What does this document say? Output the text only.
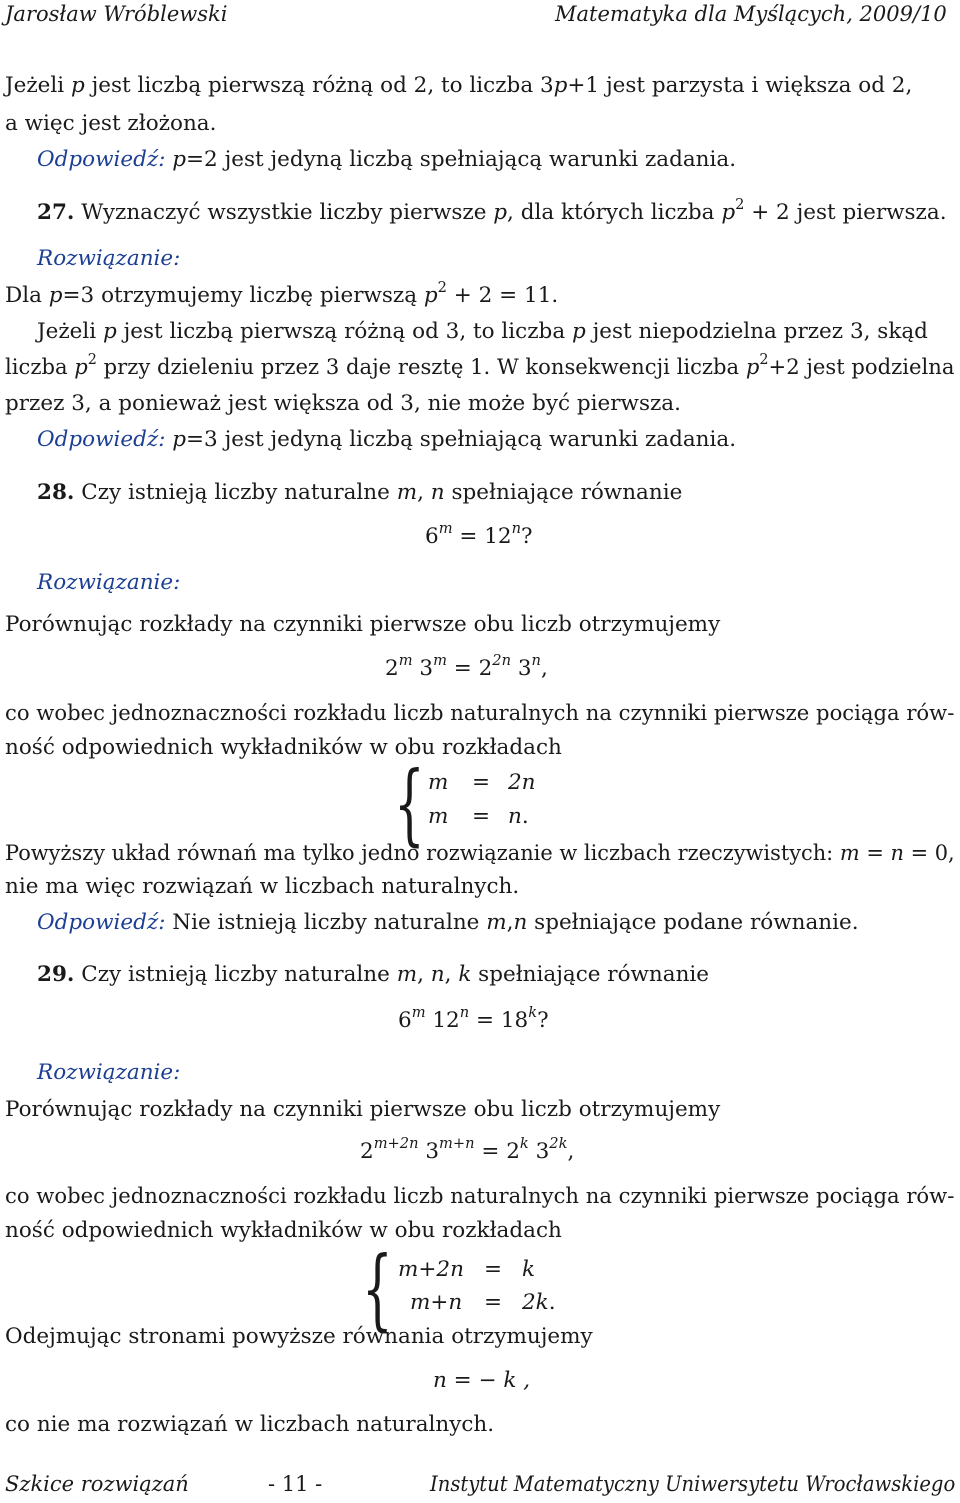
Jarosław Wróblewski	Matematyka dla Myślących, 2009/10
Jeżeli p jest liczbą pierwszą różną od 2, to liczba 3p+1 jest parzysta i większa od 2,
a więc jest złożona.
Odpowiedź: p=2 jest jedyną liczbą spełniającą warunki zadania.
27. Wyznaczyć wszystkie liczby pierwsze p, dla których liczba $p^2 + 2$ jest pierwsza.
Rozwiązanie:
Dla p=3 otrzymujemy liczbę pierwszą $p^2 + 2 = 11$.
Jeżeli p jest liczbą pierwszą różną od 3, to liczba p jest niepodzielna przez 3, skąd
liczba $p^2$ przy dzieleniu przez 3 daje resztę 1. W konsekwencji liczba $p^2+2$ jest podzielna
przez 3, a ponieważ jest większa od 3, nie może być pierwsza.
Odpowiedź: p=3 jest jedyną liczbą spełniającą warunki zadania.
28. Czy istnieją liczby naturalne m, n spełniające równanie
$6^m = 12^n$?
Rozwiązanie:
Porównując rozkłady na czynniki pierwsze obu liczb otrzymujemy
2$^m$ $3^m = 2^{2n}$ 3$^n$,
co wobec jednoznaczności rozkładu liczb naturalnych na czynniki pierwsze pociąga rów-
ność odpowiednich wykładników w obu rozkładach
{ m = 2n
m = n.
Powyższy układ równań ma tylko jedno rozwiązanie w liczbach rzeczywistych: m = n = 0,
nie ma więc rozwiązań w liczbach naturalnych.
Odpowiedź: Nie istnieją liczby naturalne m,n spełniające podane równanie.
29. Czy istnieją liczby naturalne m, n, k spełniające równanie
6$^m$ $12^n = 18^k$?
Rozwiązanie:
Porównując rozkłady na czynniki pierwsze obu liczb otrzymujemy
$2^{m+2n}$ $3^{m+n} = 2^k$ $3^{2k}$,
co wobec jednoznaczności rozkładu liczb naturalnych na czynniki pierwsze pociąga rów-
ność odpowiednich wykładników w obu rozkładach
{ m+2n = k
m+n = 2k.
Odejmując stronami powyższe równania otrzymujemy
n = − k ,
co nie ma rozwiązań w liczbach naturalnych.
Szkice rozwiązań	- 11 -	Instytut Matematyczny Uniwersytetu Wrocławskiego
